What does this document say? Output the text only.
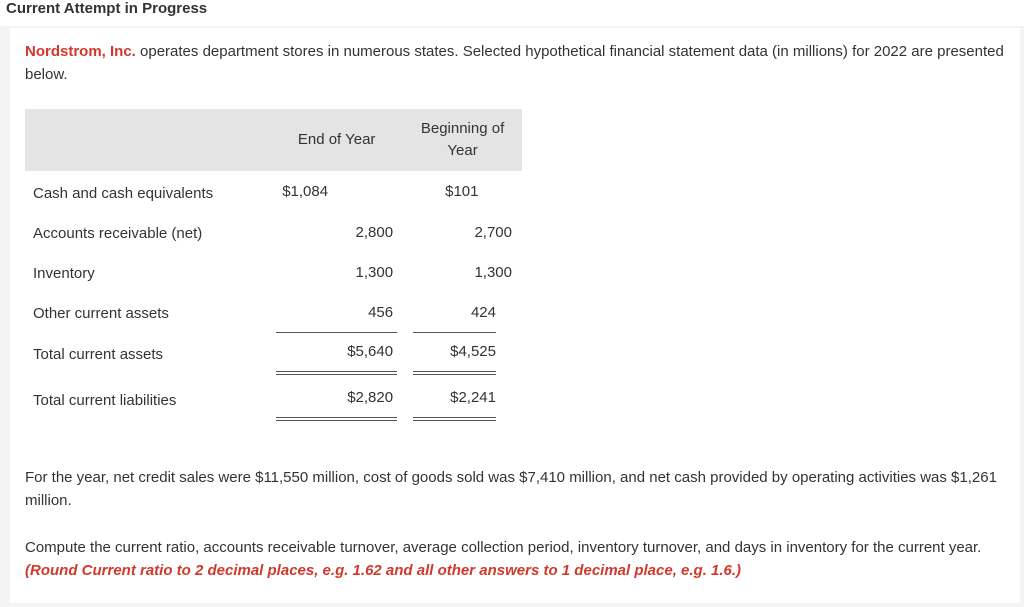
Current Attempt in Progress
Nordstrom, Inc. operates department stores in numerous states. Selected hypothetical financial statement data (in millions) for 2022 are presented below.
	End of Year	Beginning of
Year
Cash and cash equivalents	$ 1,084	$ 101

Accounts receivable (net)	2,800	2,700

Inventory	1,300	1,300

Other current assets	456	424

Total current assets	$5,640	$4,525

Total current liabilities	$2,820	$2,241
For the year, net credit sales were $11,550 million, cost of goods sold was $7,410 million, and net cash provided by operating activities was $1,261 million.
Compute the current ratio, accounts receivable turnover, average collection period, inventory turnover, and days in inventory for the current year. (Round Current ratio to 2 decimal places, e.g. 1.62 and all other answers to 1 decimal place, e.g. 1.6.)
